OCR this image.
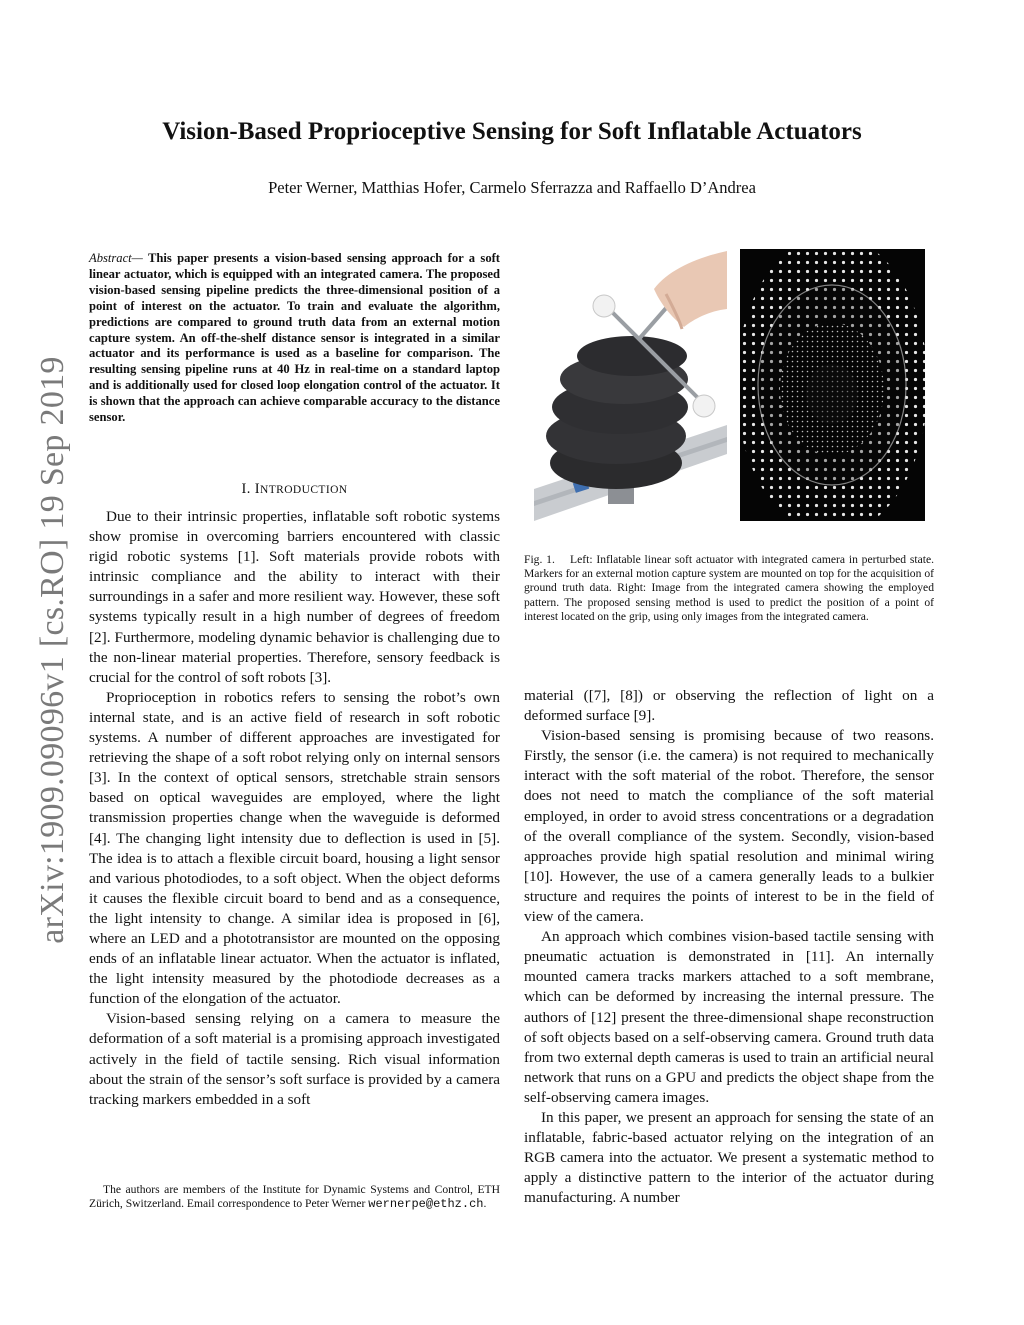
arXiv:1909.09096v1 [cs.RO] 19 Sep 2019
Vision-Based Proprioceptive Sensing for Soft Inflatable Actuators
Peter Werner, Matthias Hofer, Carmelo Sferrazza and Raffaello D’Andrea
Abstract— This paper presents a vision-based sensing approach for a soft linear actuator, which is equipped with an integrated camera. The proposed vision-based sensing pipeline predicts the three-dimensional position of a point of interest on the actuator. To train and evaluate the algorithm, predictions are compared to ground truth data from an external motion capture system. An off-the-shelf distance sensor is integrated in a similar actuator and its performance is used as a baseline for comparison. The resulting sensing pipeline runs at 40 Hz in real-time on a standard laptop and is additionally used for closed loop elongation control of the actuator. It is shown that the approach can achieve comparable accuracy to the distance sensor.
I. INTRODUCTION

Due to their intrinsic properties, inflatable soft robotic systems show promise in overcoming barriers encountered with classic rigid robotic systems [1]. Soft materials provide robots with intrinsic compliance and the ability to interact with their surroundings in a safer and more resilient way. However, these soft systems typically result in a high number of degrees of freedom [2]. Furthermore, modeling dynamic behavior is challenging due to the non-linear material properties. Therefore, sensory feedback is crucial for the control of soft robots [3].

Proprioception in robotics refers to sensing the robot’s own internal state, and is an active field of research in soft robotic systems. A number of different approaches are investigated for retrieving the shape of a soft robot relying only on internal sensors [3]. In the context of optical sensors, stretchable strain sensors based on optical waveguides are employed, where the light transmission properties change when the waveguide is deformed [4]. The changing light intensity due to deflection is used in [5]. The idea is to attach a flexible circuit board, housing a light sensor and various photodiodes, to a soft object. When the object deforms it causes the flexible circuit board to bend and as a consequence, the light intensity to change. A similar idea is proposed in [6], where an LED and a phototransistor are mounted on the opposing ends of an inflatable linear actuator. When the actuator is inflated, the light intensity measured by the photodiode decreases as a function of the elongation of the actuator.

Vision-based sensing relying on a camera to measure the deformation of a soft material is a promising approach investigated actively in the field of tactile sensing. Rich visual information about the strain of the sensor’s soft surface is provided by a camera tracking markers embedded in a soft

The authors are members of the Institute for Dynamic Systems and Control, ETH Zürich, Switzerland. Email correspondence to Peter Werner wernerpe@ethz.ch.
Fig. 1. Left: Inflatable linear soft actuator with integrated camera in perturbed state. Markers for an external motion capture system are mounted on top for the acquisition of ground truth data. Right: Image from the integrated camera showing the employed pattern. The proposed sensing method is used to predict the position of a point of interest located on the grip, using only images from the integrated camera.

material ([7], [8]) or observing the reflection of light on a deformed surface [9].

Vision-based sensing is promising because of two reasons. Firstly, the sensor (i.e. the camera) is not required to mechanically interact with the soft material of the robot. Therefore, the sensor does not need to match the compliance of the soft material employed, in order to avoid stress concentrations or a degradation of the overall compliance of the system. Secondly, vision-based approaches provide high spatial resolution and minimal wiring [10]. However, the use of a camera generally leads to a bulkier structure and requires the points of interest to be in the field of view of the camera.

An approach which combines vision-based tactile sensing with pneumatic actuation is demonstrated in [11]. An internally mounted camera tracks markers attached to a soft membrane, which can be deformed by increasing the internal pressure. The authors of [12] present the three-dimensional shape reconstruction of soft objects based on a self-observing camera. Ground truth data from two external depth cameras is used to train an artificial neural network that runs on a GPU and predicts the object shape from the self-observing camera images.

In this paper, we present an approach for sensing the state of an inflatable, fabric-based actuator relying on the integration of an RGB camera into the actuator. We present a systematic method to apply a distinctive pattern to the interior of the actuator during manufacturing. A number
